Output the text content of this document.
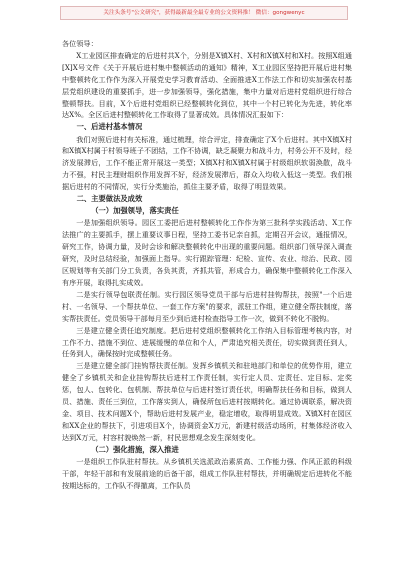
关注头条号"公文研究"，获得最新最全最专业的公文资料推！ 微信：gongwenyc

各位领导：

X工业园区排查确定的后进村共X个，分别是X镇X村、X村和X镇X村和X村。按照X组通[X]X号文件《关于开展后进村集中整顿活动的通知》精神，X工业园区坚持把开展后进村集中整顿转化工作作为深入开展党史学习教育活动、全面推进X工作法工作和切实加强农村基层党组织建设的重要抓手，进一步加强领导，强化措施，集中力量对后进村党组织进行综合整顿帮扶。目前，X个后进村党组织已经整顿转化到位，其中一个村已转化为先进，转化率达X%。全区后进村整顿转化工作取得了显著成效。具体情况汇报如下：

一、后进村基本情况

我们对照后进村有关标准，通过梳理，综合评定，排查确定了X个后进村。其中X镇X村和X镇X村属于村领导班子不团结，工作不协调，缺乏凝聚力和战斗力，村务公开不及时，经济发展滞后，工作不能正常开展这一类型；X镇X村和X镇X村属于村级组织软弱涣散，战斗力不强，村民主理财组织作用发挥不好，经济发展滞后，群众入均收入低这一类型。我们根据后进村的不同情况，实行分类施治，抓住主要矛盾，取得了明显效果。

二、主要做法及成效

（一）加强领导，落实责任

一是加强组织领导。园区工委把后进村整顿转化工作作为第三批科学实践活动、X工作法推广的主要抓手，摆上重要议事日程，坚持工委书记亲自抓，定期召开会议，通报情况，研究工作，协调力量，及时会诊和解决整顿转化中出现的重要问题。组织部门领导深入调查研究，及时总结经验，加强面上指导。实行跟踪管理：纪检、宣传、农业、综治、民政、园区规划等有关部门分工负责，各负其责，齐抓共管，形成合力，确保集中整顿转化工作深入有序开展，取得扎实成效。

二是实行领导包联责任制。实行园区领导党员干部与后进村挂钩帮扶，按照"一个后进村、一名领导、一个帮扶单位、一套工作方案"的要求，派驻工作组，建立健全帮扶制度，落实帮扶责任。党员领导干部每月至少到后进村检查指导工作一次，做到不转化不脱钩。

三是建立健全责任追究制度。把后进村党组织整顿转化工作纳入目标管理考核内容，对工作不力、措施不到位、进展缓慢的单位和个人，严肃追究相关责任，切实做到责任到人，任务到人，确保按时完成整顿任务。

三是建立健全部门挂钩帮扶责任制。发挥乡镇机关和驻地部门和单位的优势作用，建立健全了乡镇机关和企业挂钩帮扶后进村工作责任制，实行定人员、定责任、定目标、定奖惩，包人、包转化、包机制、帮扶单位与后进村签订责任状，明确帮扶任务和目标，做到人员、措施、责任三到位，工作落实到人，确保所包后进村按期转化。通过协调联系，解决资金、项目、技术问题X个，帮助后进村发展产业，稳定增收，取得明显成效。X镇X村在园区和XX企业的帮扶下，引进项目X个，协调资金X万元，新建村级活动场所，村集体经济收入达到X万元，村容村貌焕然一新，村民思想观念发生深刻变化。

（二）强化措施，深入推进

一是组织工作队驻村帮扶。从乡镇机关选派政治素质高、工作能力强、作风正派的科级干部，年轻干部和有发展前途的后备干部，组成工作队驻村帮扶，并明确规定后进转化不能按期达标的，工作队不得撤离，工作队员
